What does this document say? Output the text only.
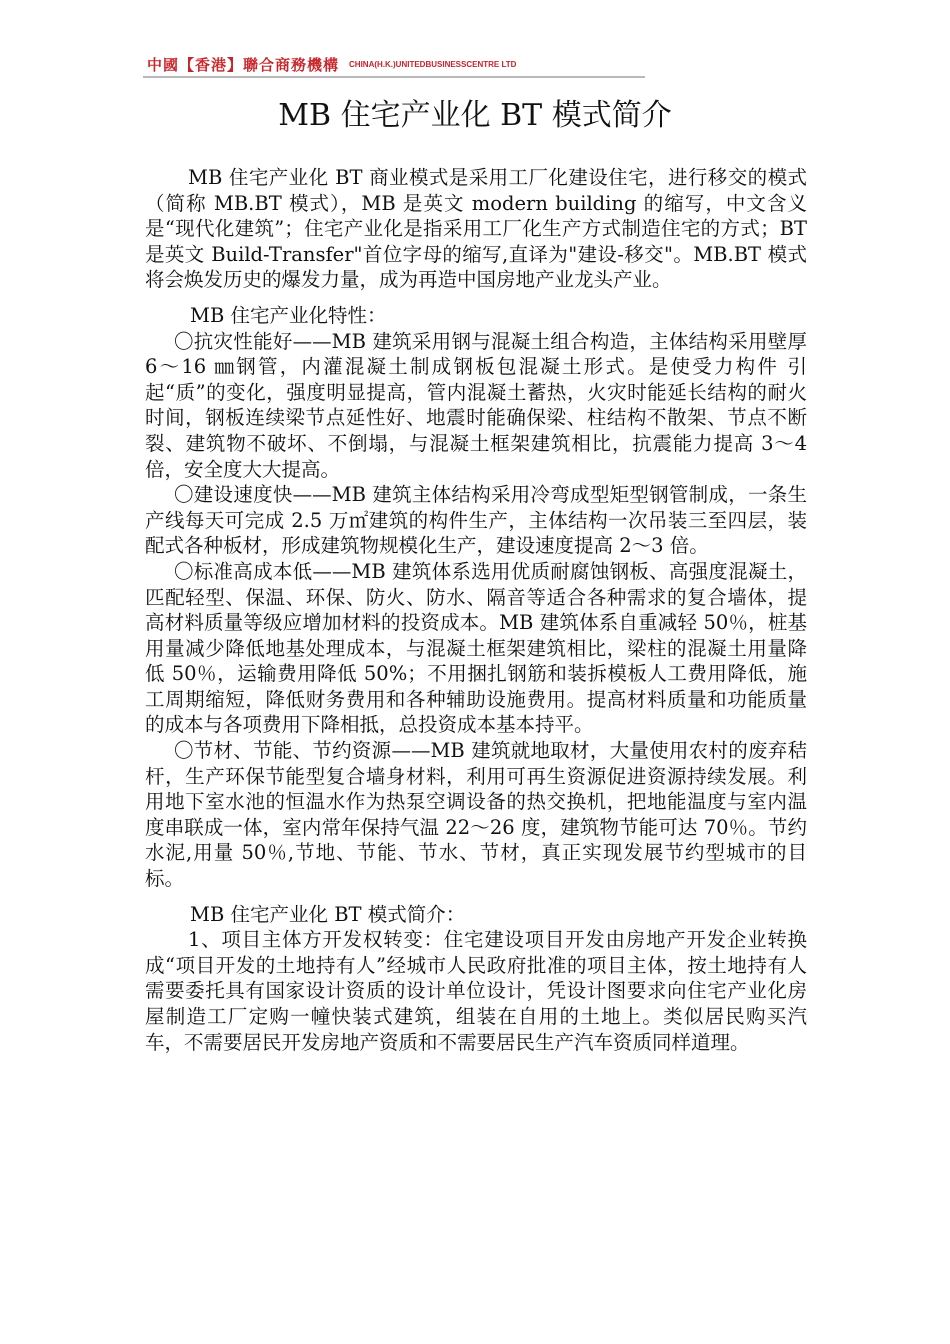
中國【香港】聯合商務機構 CHINA(H.K.)UNITEDBUSINESSCENTRE LTD
MB 住宅产业化 BT 模式简介

MB 住宅产业化 BT 商业模式是采用工厂化建设住宅，进行移交的模式（简称 MB.BT 模式），MB 是英文 modern building 的缩写，中文含义是“现代化建筑”；住宅产业化是指采用工厂化生产方式制造住宅的方式；BT 是英文 Build-Transfer"首位字母的缩写,直译为"建设-移交"。MB.BT 模式将会焕发历史的爆发力量，成为再造中国房地产业龙头产业。

MB 住宅产业化特性：

〇抗灾性能好——MB 建筑采用钢与混凝土组合构造，主体结构采用壁厚 6～16 ㎜钢管，内灌混凝土制成钢板包混凝土形式。是使受力构件 引起“质”的变化，强度明显提高，管内混凝土蓄热，火灾时能延长结构的耐火时间，钢板连续梁节点延性好、地震时能确保梁、柱结构不散架、节点不断裂、建筑物不破坏、不倒塌，与混凝土框架建筑相比，抗震能力提高 3～4 倍，安全度大大提高。

〇建设速度快——MB 建筑主体结构采用冷弯成型矩型钢管制成，一条生产线每天可完成 2.5 万㎡建筑的构件生产，主体结构一次吊装三至四层，装配式各种板材，形成建筑物规模化生产，建设速度提高 2～3 倍。

〇标准高成本低——MB 建筑体系选用优质耐腐蚀钢板、高强度混凝土，匹配轻型、保温、环保、防火、防水、隔音等适合各种需求的复合墙体，提高材料质量等级应增加材料的投资成本。MB 建筑体系自重减轻 50％，桩基用量减少降低地基处理成本，与混凝土框架建筑相比，梁柱的混凝土用量降低 50％，运输费用降低 50%；不用捆扎钢筋和装拆模板人工费用降低，施工周期缩短，降低财务费用和各种辅助设施费用。提高材料质量和功能质量的成本与各项费用下降相抵，总投资成本基本持平。

〇节材、节能、节约资源——MB 建筑就地取材，大量使用农村的废弃秸杆，生产环保节能型复合墙身材料，利用可再生资源促进资源持续发展。利用地下室水池的恒温水作为热泵空调设备的热交换机，把地能温度与室内温度串联成一体，室内常年保持气温 22～26 度，建筑物节能可达 70％。节约水泥,用量 50％,节地、节能、节水、节材，真正实现发展节约型城市的目标。

MB 住宅产业化 BT 模式简介：

1、项目主体方开发权转变：住宅建设项目开发由房地产开发企业转换成“项目开发的土地持有人”经城市人民政府批准的项目主体，按土地持有人需要委托具有国家设计资质的设计单位设计，凭设计图要求向住宅产业化房屋制造工厂定购一幢快装式建筑，组装在自用的土地上。类似居民购买汽车，不需要居民开发房地产资质和不需要居民生产汽车资质同样道理。
